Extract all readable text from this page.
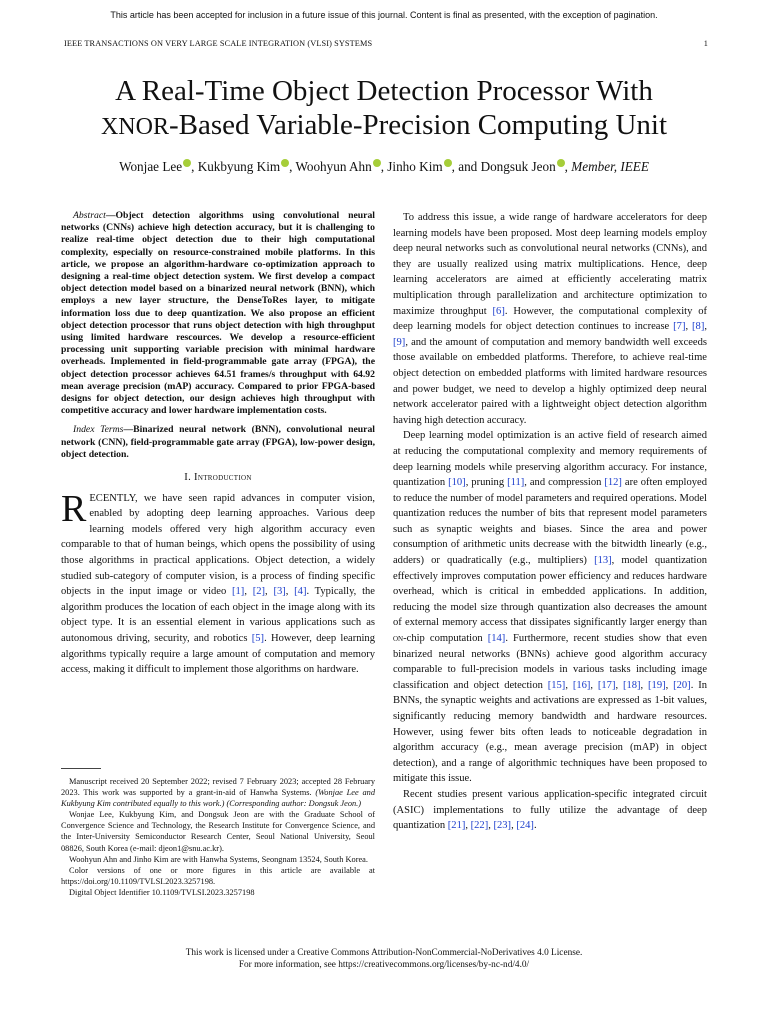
This article has been accepted for inclusion in a future issue of this journal. Content is final as presented, with the exception of pagination.
IEEE TRANSACTIONS ON VERY LARGE SCALE INTEGRATION (VLSI) SYSTEMS	1
A Real-Time Object Detection Processor With
XNOR-Based Variable-Precision Computing Unit
Wonjae Lee , Kukbyung Kim , Woohyun Ahn , Jinho Kim , and Dongsuk Jeon , Member, IEEE

Abstract—Object detection algorithms using convolutional neural networks (CNNs) achieve high detection accuracy, but it is challenging to realize real-time object detection due to their high computational complexity, especially on resource-constrained mobile platforms. In this article, we propose an algorithm-hardware co-optimization approach to designing a real-time object detection system. We first develop a compact object detection model based on a binarized neural network (BNN), which employs a new layer structure, the DenseToRes layer, to mitigate information loss due to deep quantization. We also propose an efficient object detection processor that runs object detection with high throughput using limited hardware rescources. We develop a resource-efficient processing unit supporting variable precision with minimal hardware overheads. Implemented in field-programmable gate array (FPGA), the object detection processor achieves 64.51 frames/s throughput with 64.92 mean average precision (mAP) accuracy. Compared to prior FPGA-based designs for object detection, our design achieves high throughput with competitive accuracy and lower hardware implementation costs.

Index Terms—Binarized neural network (BNN), convolutional neural network (CNN), field-programmable gate array (FPGA), low-power design, object detection.

I. Introduction

RECENTLY, we have seen rapid advances in computer vision, enabled by adopting deep learning approaches. Various deep learning models offered very high algorithm accuracy even comparable to that of human beings, which opens the possibility of using those algorithms in practical applications. Object detection, a widely studied sub-category of computer vision, is a process of finding specific objects in the input image or video [1], [2], [3], [4]. Typically, the algorithm produces the location of each object in the image along with its object type. It is an essential element in various applications such as autonomous driving, security, and robotics [5]. However, deep learning algorithms typically require a large amount of computation and memory access, making it difficult to implement those algorithms on hardware.

Manuscript received 20 September 2022; revised 7 February 2023; accepted 28 February 2023. This work was supported by a grant-in-aid of Hanwha Systems. (Wonjae Lee and Kukbyung Kim contributed equally to this work.) (Corresponding author: Dongsuk Jeon.)

Wonjae Lee, Kukbyung Kim, and Dongsuk Jeon are with the Graduate School of Convergence Science and Technology, the Research Institute for Convergence Science, and the Inter-University Semiconductor Research Center, Seoul National University, Seoul 08826, South Korea (e-mail: djeon1@snu.ac.kr).

Woohyun Ahn and Jinho Kim are with Hanwha Systems, Seongnam 13524, South Korea.

Color versions of one or more figures in this article are available at https://doi.org/10.1109/TVLSI.2023.3257198.

Digital Object Identifier 10.1109/TVLSI.2023.3257198

To address this issue, a wide range of hardware accelerators for deep learning models have been proposed. Most deep learning models employ deep neural networks such as convolutional neural networks (CNNs), and they are usually realized using matrix multiplications. Hence, deep learning accelerators are aimed at efficiently accelerating matrix multiplication through parallelization and architecture optimization to maximize throughput [6]. However, the computational complexity of deep learning models for object detection continues to increase [7], [8], [9], and the amount of computation and memory bandwidth well exceeds those available on embedded platforms. Therefore, to achieve real-time object detection on embedded platforms with limited hardware resources and power budget, we need to develop a highly optimized deep neural network accelerator paired with a lightweight object detection algorithm having high detection accuracy.

Deep learning model optimization is an active field of research aimed at reducing the computational complexity and memory requirements of deep learning models while preserving algorithm accuracy. For instance, quantization [10], pruning [11], and compression [12] are often employed to reduce the number of model parameters and required operations. Model quantization reduces the number of bits that represent model parameters such as synaptic weights and biases. Since the area and power consumption of arithmetic units decrease with the bitwidth linearly (e.g., adders) or quadratically (e.g., multipliers) [13], model quantization effectively improves computation power efficiency and reduces hardware overhead, which is critical in embedded applications. In addition, reducing the model size through quantization also decreases the amount of external memory access that dissipates significantly larger energy than on-chip computation [14]. Furthermore, recent studies show that even binarized neural networks (BNNs) achieve good algorithm accuracy comparable to full-precision models in various tasks including image classification and object detection [15], [16], [17], [18], [19], [20]. In BNNs, the synaptic weights and activations are expressed as 1-bit values, significantly reducing memory bandwidth and hardware resources. However, using fewer bits often leads to noticeable degradation in algorithm accuracy (e.g., mean average precision (mAP) in object detection), and a range of algorithmic techniques have been proposed to mitigate this issue.

Recent studies present various application-specific integrated circuit (ASIC) implementations to fully utilize the advantage of deep quantization [21], [22], [23], [24].

This work is licensed under a Creative Commons Attribution-NonCommercial-NoDerivatives 4.0 License.
For more information, see https://creativecommons.org/licenses/by-nc-nd/4.0/
